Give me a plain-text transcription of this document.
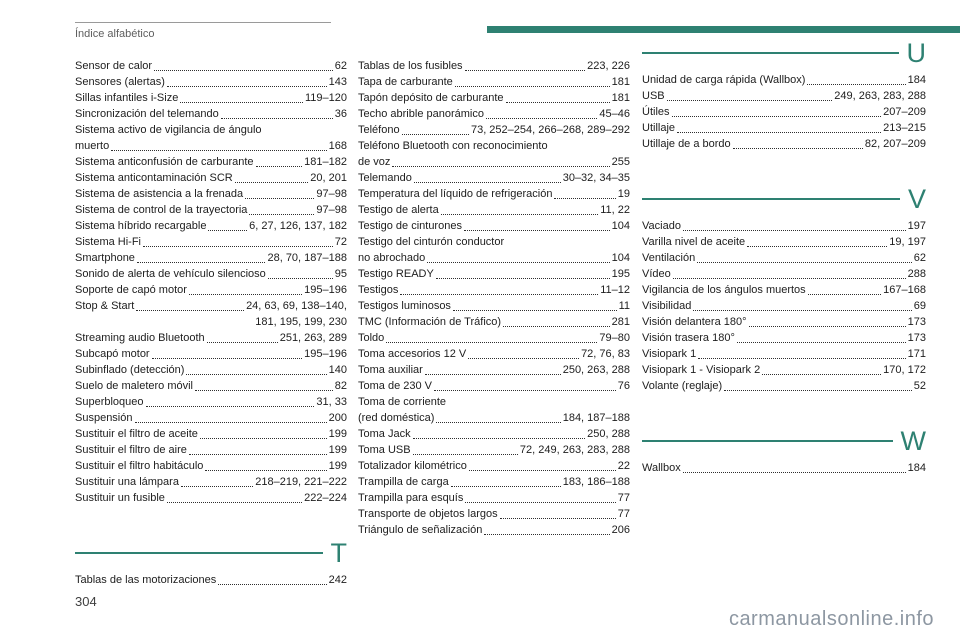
Índice alfabético
Sensor de calor	62
Sensores (alertas)	143
Sillas infantiles i-Size	119–120
Sincronización del telemando	36
Sistema activo de vigilancia de ángulo
muerto	168
Sistema anticonfusión de carburante	181–182
Sistema anticontaminación SCR	20, 201
Sistema de asistencia a la frenada	97–98
Sistema de control de la trayectoria	97–98
Sistema híbrido recargable	6, 27, 126, 137, 182
Sistema Hi-Fi	72
Smartphone	28, 70, 187–188
Sonido de alerta de vehículo silencioso	95
Soporte de capó motor	195–196
Stop & Start	24, 63, 69, 138–140,
181, 195, 199, 230
Streaming audio Bluetooth	251, 263, 289
Subcapó motor	195–196
Subinflado (detección)	140
Suelo de maletero móvil	82
Superbloqueo	31, 33
Suspensión	200
Sustituir el filtro de aceite	199
Sustituir el filtro de aire	199
Sustituir el filtro habitáculo	199
Sustituir una lámpara	218–219, 221–222
Sustituir un fusible	222–224
T
Tablas de las motorizaciones	242
Tablas de los fusibles	223, 226
Tapa de carburante	181
Tapón depósito de carburante	181
Techo abrible panorámico	45–46
Teléfono	73, 252–254, 266–268, 289–292
Teléfono Bluetooth con reconocimiento
de voz	255
Telemando	30–32, 34–35
Temperatura del líquido de refrigeración	19
Testigo de alerta	11, 22
Testigo de cinturones	104
Testigo del cinturón conductor
no abrochado	104
Testigo READY	195
Testigos	11–12
Testigos luminosos	11
TMC (Información de Tráfico)	281
Toldo	79–80
Toma accesorios 12 V	72, 76, 83
Toma auxiliar	250, 263, 288
Toma de 230 V	76
Toma de corriente
(red doméstica)	184, 187–188
Toma Jack	250, 288
Toma USB	72, 249, 263, 283, 288
Totalizador kilométrico	22
Trampilla de carga	183, 186–188
Trampilla para esquís	77
Transporte de objetos largos	77
Triángulo de señalización	206
U
Unidad de carga rápida (Wallbox)	184
USB	249, 263, 283, 288
Útiles	207–209
Utillaje	213–215
Utillaje de a bordo	82, 207–209
V
Vaciado	197
Varilla nivel de aceite	19, 197
Ventilación	62
Vídeo	288
Vigilancia de los ángulos muertos	167–168
Visibilidad	69
Visión delantera 180°	173
Visión trasera 180°	173
Visiopark 1	171
Visiopark 1 - Visiopark 2	170, 172
Volante (reglaje)	52
W
Wallbox	184
304
carmanualsonline.info
